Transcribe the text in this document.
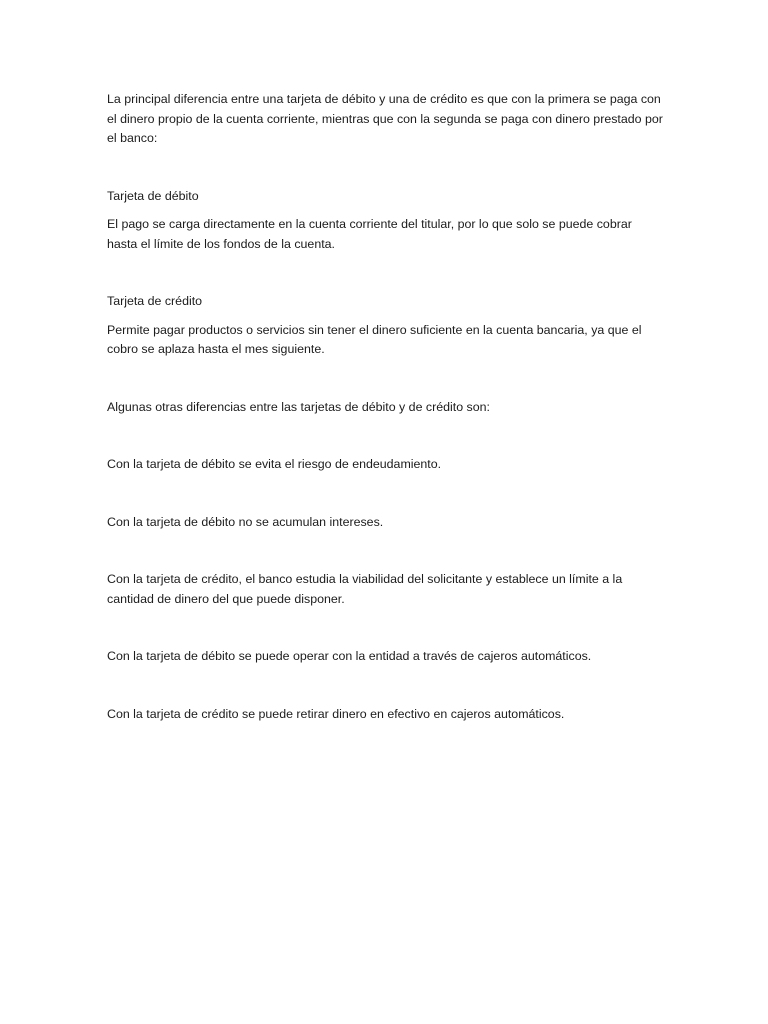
La principal diferencia entre una tarjeta de débito y una de crédito es que con la primera se paga con el dinero propio de la cuenta corriente, mientras que con la segunda se paga con dinero prestado por el banco:

Tarjeta de débito

El pago se carga directamente en la cuenta corriente del titular, por lo que solo se puede cobrar hasta el límite de los fondos de la cuenta.

Tarjeta de crédito

Permite pagar productos o servicios sin tener el dinero suficiente en la cuenta bancaria, ya que el cobro se aplaza hasta el mes siguiente.

Algunas otras diferencias entre las tarjetas de débito y de crédito son:

Con la tarjeta de débito se evita el riesgo de endeudamiento.

Con la tarjeta de débito no se acumulan intereses.

Con la tarjeta de crédito, el banco estudia la viabilidad del solicitante y establece un límite a la cantidad de dinero del que puede disponer.

Con la tarjeta de débito se puede operar con la entidad a través de cajeros automáticos.

Con la tarjeta de crédito se puede retirar dinero en efectivo en cajeros automáticos.
